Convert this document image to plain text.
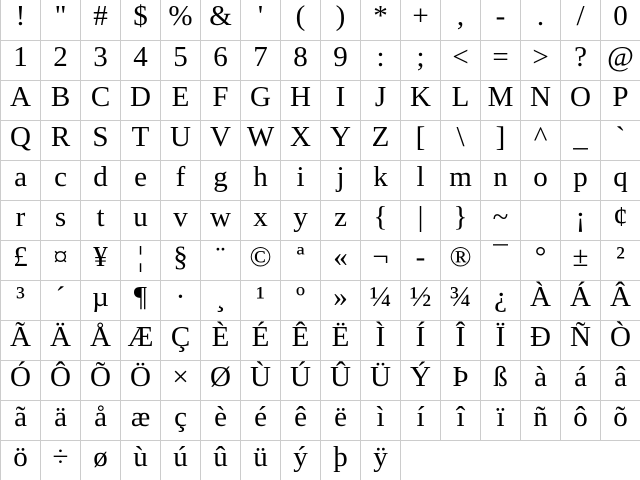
!	"	#	$	%	&	'	(	)	*	+	,	-	.	/	0
1	2	3	4	5	6	7	8	9	:	;	<	=	>	?	@
A	B	C	D	E	F	G	H	I	J	K	L	M	N	O	P
Q	R	S	T	U	V	W	X	Y	Z	[	\	]	^	_	`
a	c	d	e	f	g	h	i	j	k	l	m	n	o	p	q
r	s	t	u	v	w	x	y	z	{	|	}	~		¡	¢
£	¤	¥	¦	§	¨	©	ª	«	¬	-	®	¯	°	±	²
³	´	µ	¶	·	¸	¹	º	»	¼	½	¾	¿	À	Á	Â
Ã	Ä	Å	Æ	Ç	È	É	Ê	Ë	Ì	Í	Î	Ï	Ð	Ñ	Ò
Ó	Ô	Õ	Ö	×	Ø	Ù	Ú	Û	Ü	Ý	Þ	ß	à	á	â
ã	ä	å	æ	ç	è	é	ê	ë	ì	í	î	ï	ñ	ô	õ
ö	÷	ø	ù	ú	û	ü	ý	þ	ÿ						
